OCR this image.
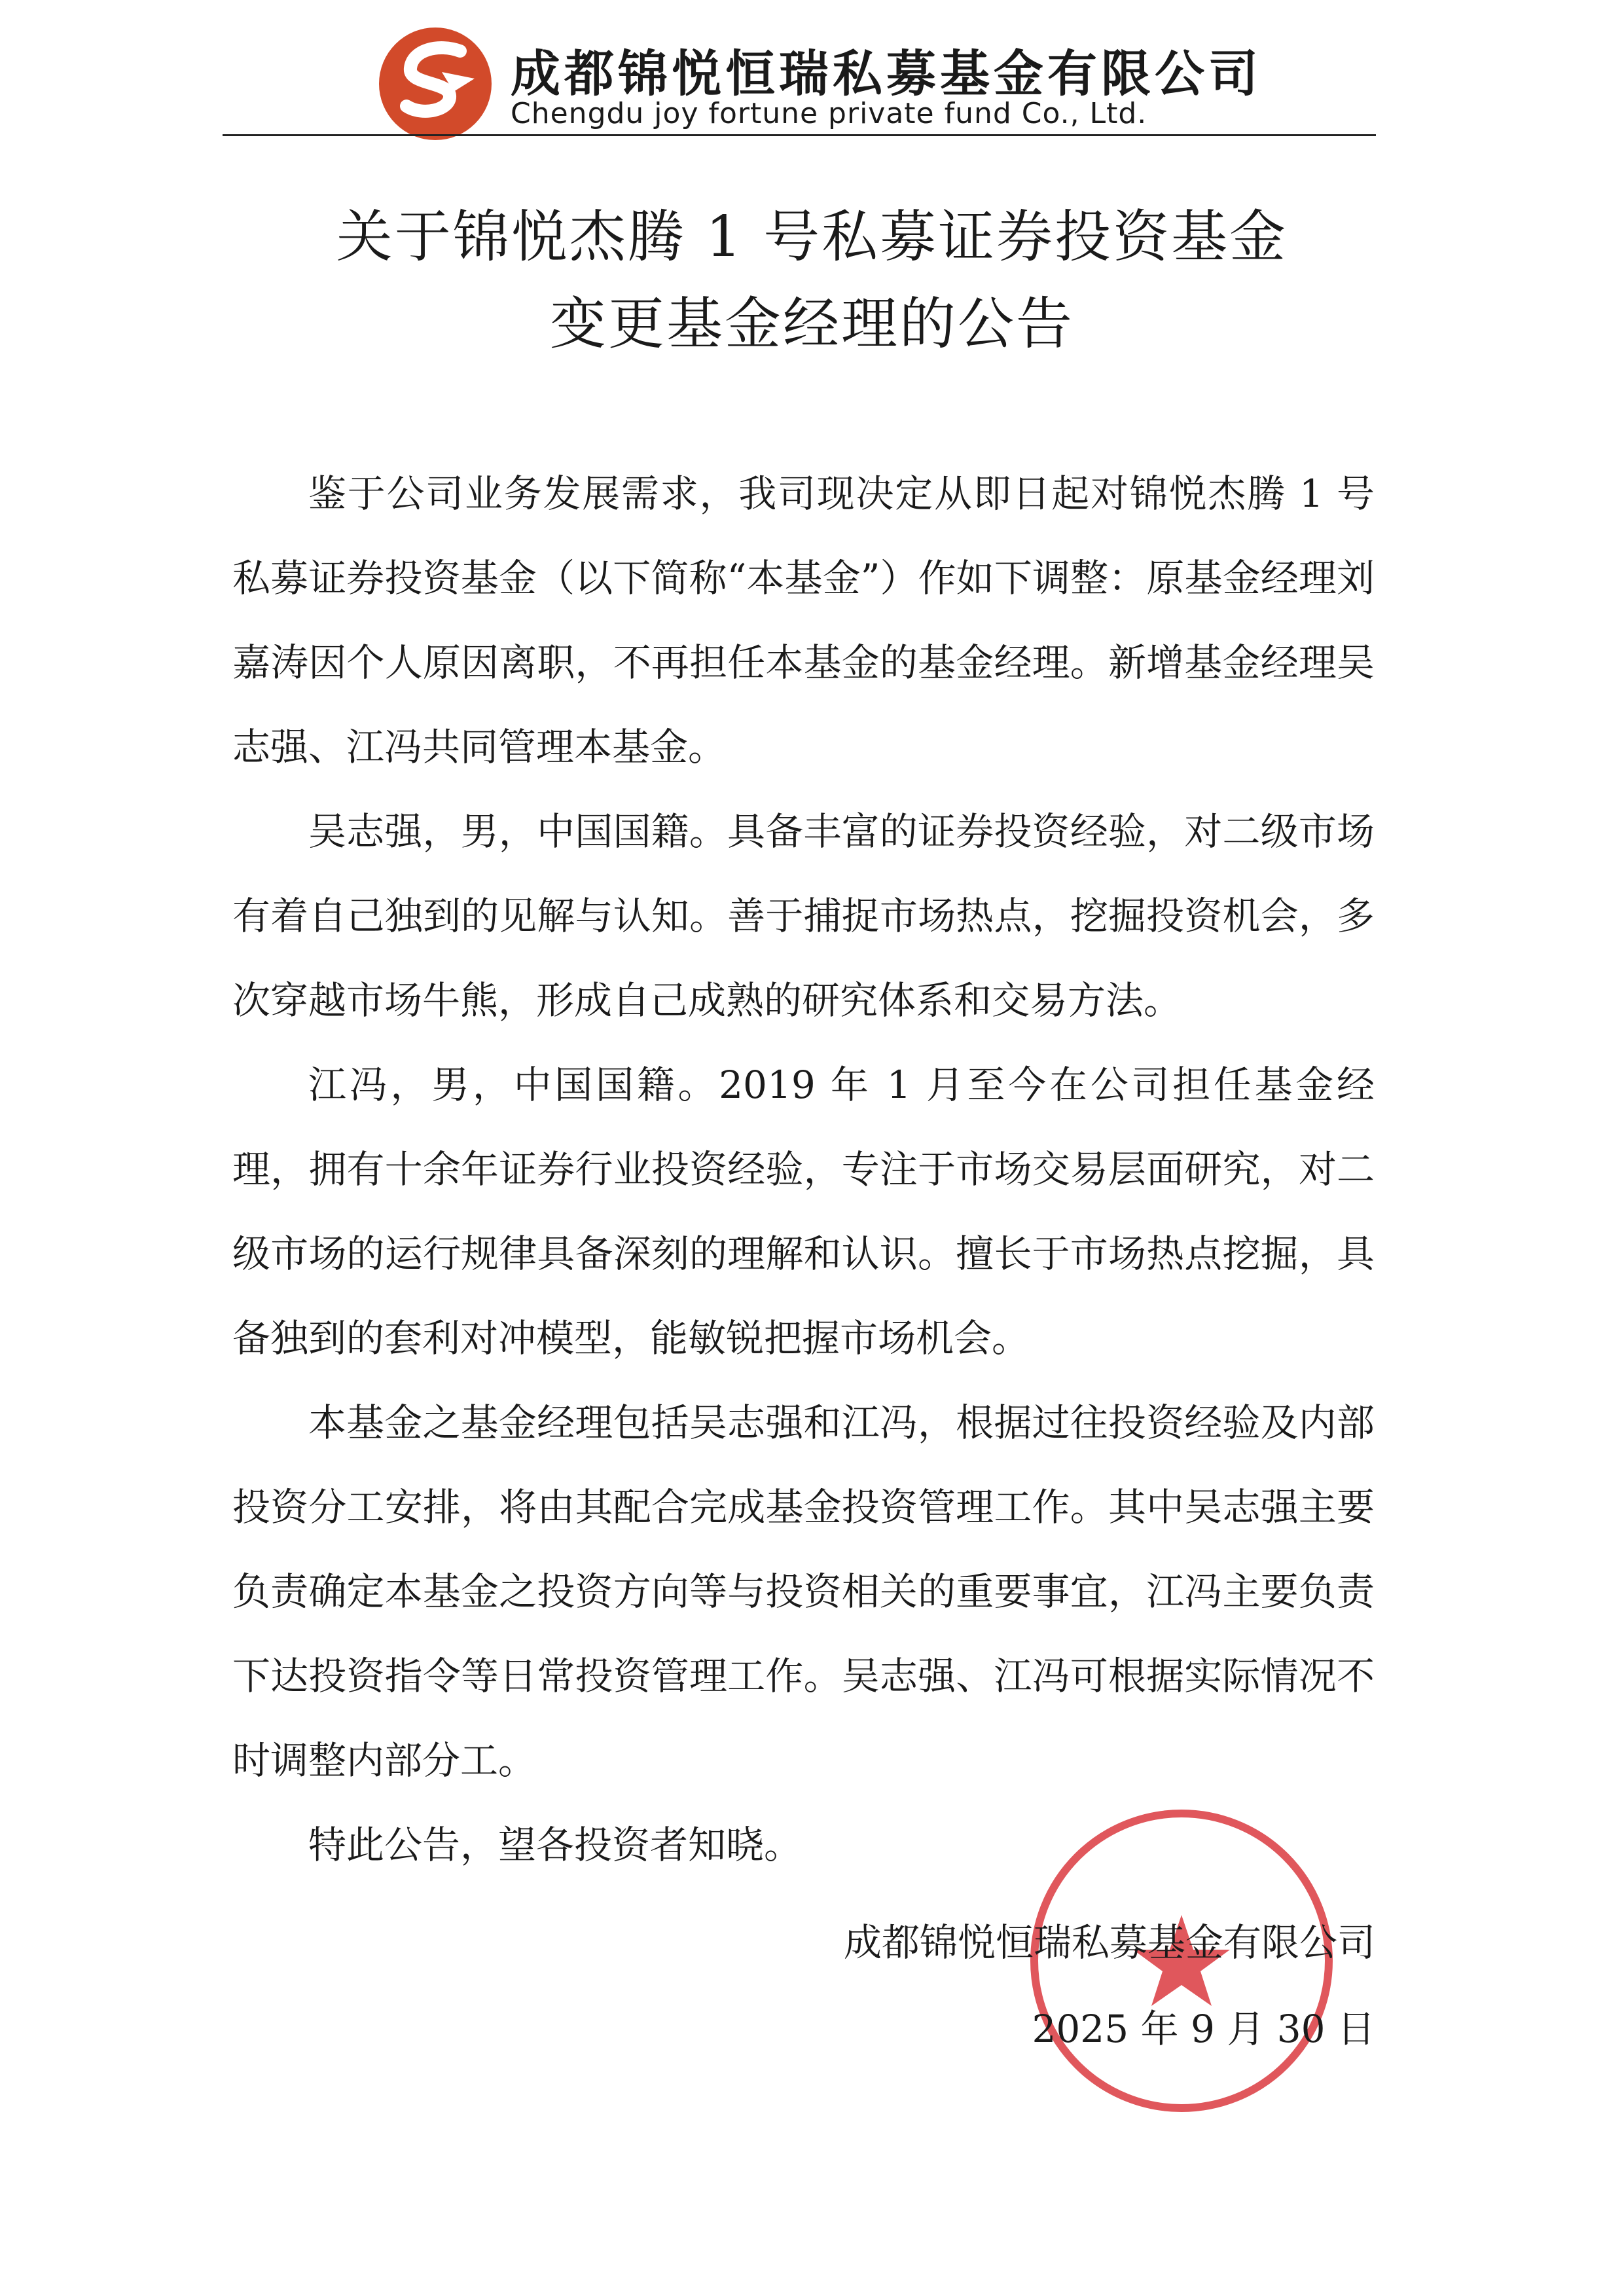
成都锦悦恒瑞私募基金有限公司
Chengdu joy fortune private fund Co., Ltd.
关于锦悦杰腾 1 号私募证券投资基金
变更基金经理的公告

鉴于公司业务发展需求，我司现决定从即日起对锦悦杰腾 1 号私募证券投资基金（以下简称“本基金”）作如下调整：原基金经理刘嘉涛因个人原因离职，不再担任本基金的基金经理。新增基金经理吴志强、江冯共同管理本基金。

吴志强，男，中国国籍。具备丰富的证券投资经验，对二级市场有着自己独到的见解与认知。善于捕捉市场热点，挖掘投资机会，多次穿越市场牛熊，形成自己成熟的研究体系和交易方法。

江冯，男，中国国籍。2019 年 1 月至今在公司担任基金经理，拥有十余年证券行业投资经验，专注于市场交易层面研究，对二级市场的运行规律具备深刻的理解和认识。擅长于市场热点挖掘，具备独到的套利对冲模型，能敏锐把握市场机会。

本基金之基金经理包括吴志强和江冯，根据过往投资经验及内部投资分工安排，将由其配合完成基金投资管理工作。其中吴志强主要负责确定本基金之投资方向等与投资相关的重要事宜，江冯主要负责下达投资指令等日常投资管理工作。吴志强、江冯可根据实际情况不时调整内部分工。

特此公告，望各投资者知晓。

成都锦悦恒瑞私募基金有限公司
2025 年 9 月 30 日
